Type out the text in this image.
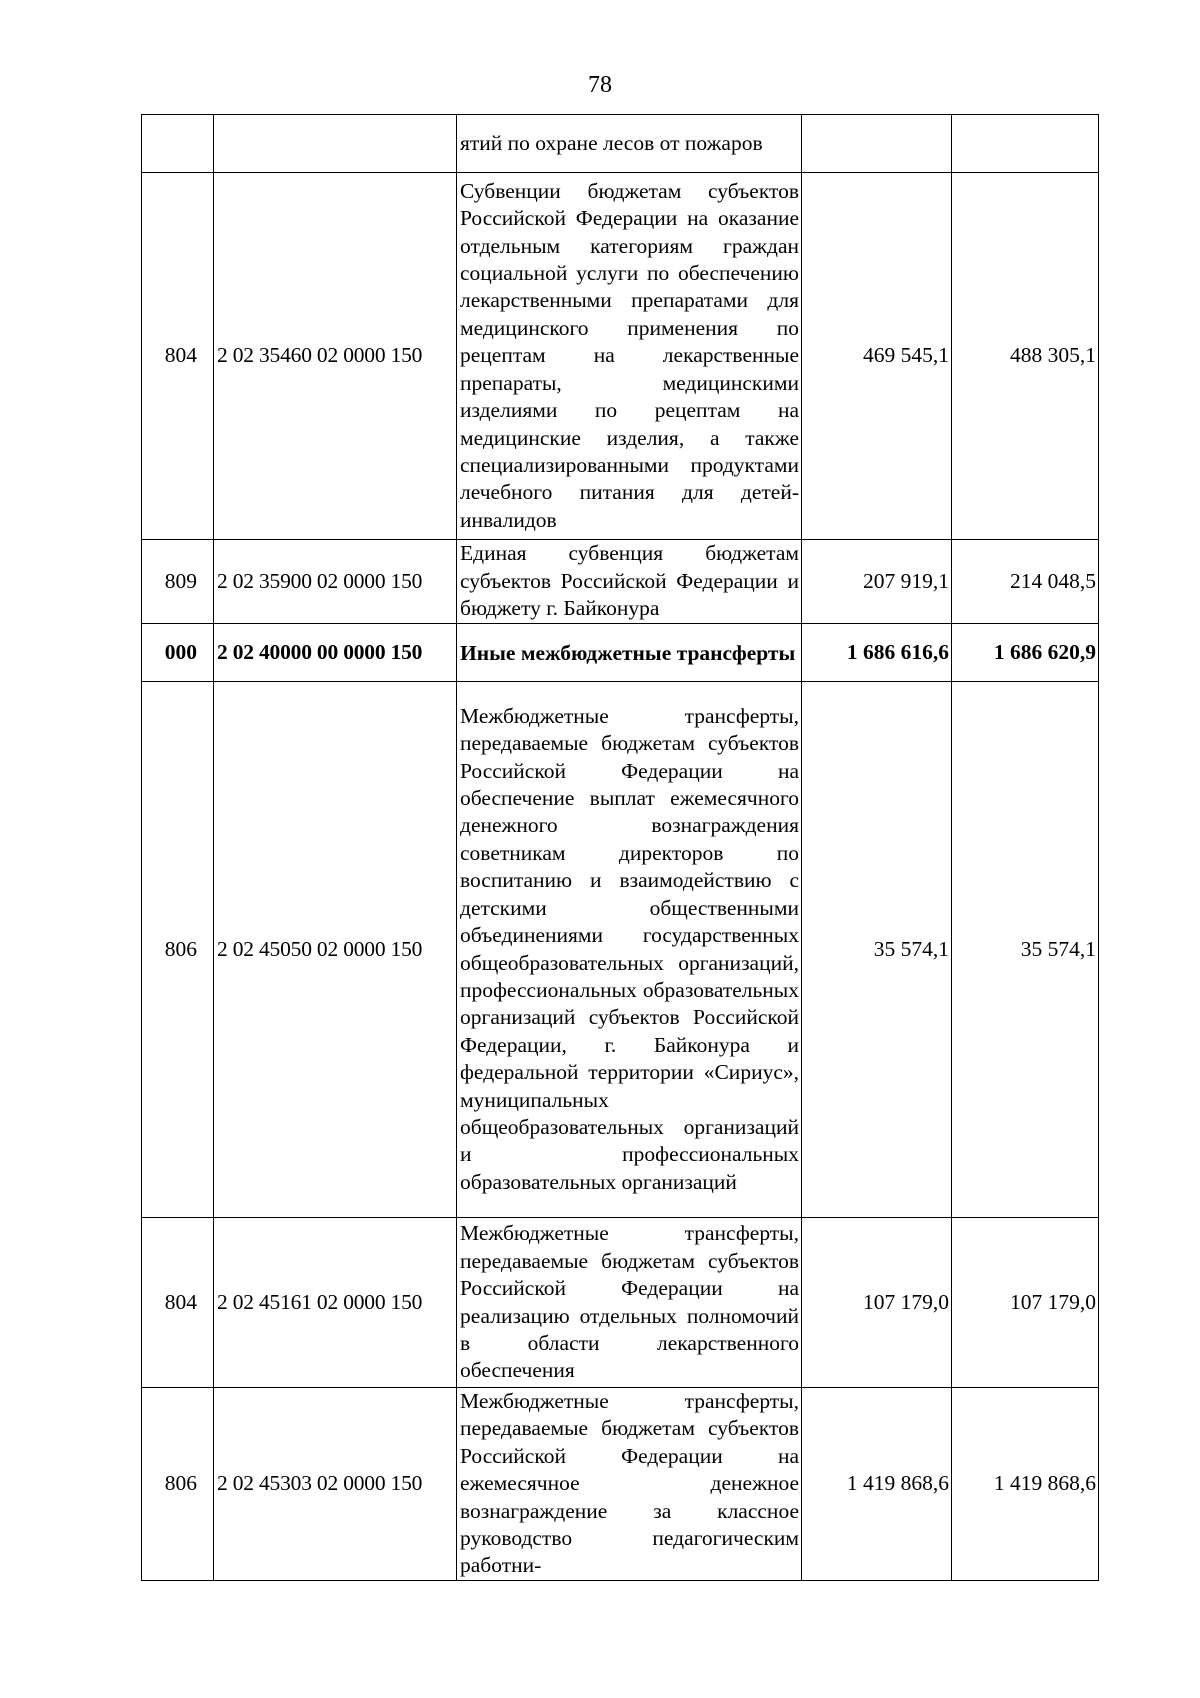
78
		ятий по охране лесов от пожаров		
804	2 02 35460 02 0000 150	Субвенции бюджетам субъектов Российской Федерации на оказание отдельным категориям граждан социальной услуги по обеспечению лекарственными препаратами для медицинского применения по рецептам на лекарственные препараты, медицинскими изделиями по рецептам на медицинские изделия, а также специализированными продуктами лечебного питания для детей-инвалидов	469 545,1	488 305,1
809	2 02 35900 02 0000 150	Единая субвенция бюджетам субъектов Российской Федерации и бюджету г. Байконура	207 919,1	214 048,5
000	2 02 40000 00 0000 150	Иные межбюджетные трансферты	1 686 616,6	1 686 620,9
806	2 02 45050 02 0000 150	Межбюджетные трансферты, передаваемые бюджетам субъектов Российской Федерации на обеспечение выплат ежемесячного денежного вознаграждения советникам директоров по воспитанию и взаимодействию с детскими общественными объединениями государственных общеобразовательных организаций, профессиональных образовательных организаций субъектов Российской Федерации, г. Байконура и федеральной территории «Сириус», муниципальных общеобразовательных организаций и профессиональных образовательных организаций	35 574,1	35 574,1
804	2 02 45161 02 0000 150	Межбюджетные трансферты, передаваемые бюджетам субъектов Российской Федерации на реализацию отдельных полномочий в области лекарственного обеспечения	107 179,0	107 179,0
806	2 02 45303 02 0000 150	Межбюджетные трансферты, передаваемые бюджетам субъектов Российской Федерации на ежемесячное денежное вознаграждение за классное руководство педагогическим работни-	1 419 868,6	1 419 868,6
